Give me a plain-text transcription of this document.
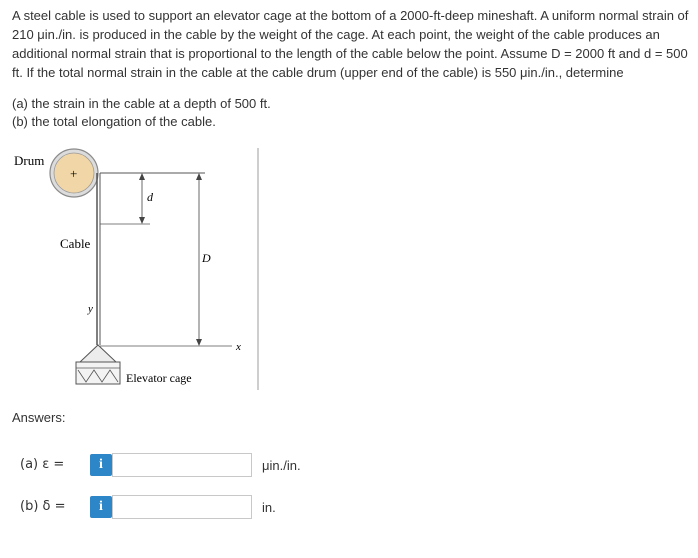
A steel cable is used to support an elevator cage at the bottom of a 2000-ft-deep mineshaft. A uniform normal strain of 210 μin./in. is produced in the cable by the weight of the cage. At each point, the weight of the cable produces an additional normal strain that is proportional to the length of the cable below the point. Assume D = 2000 ft and d = 500 ft. If the total normal strain in the cable at the cable drum (upper end of the cable) is 550 μin./in., determine
(a) the strain in the cable at a depth of 500 ft.
(b) the total elongation of the cable.
+
Drum
Cable
d
D
y
x
Elevator cage
Answers:
(a) ε =	i	μin./in.
(b) δ =	i	in.
